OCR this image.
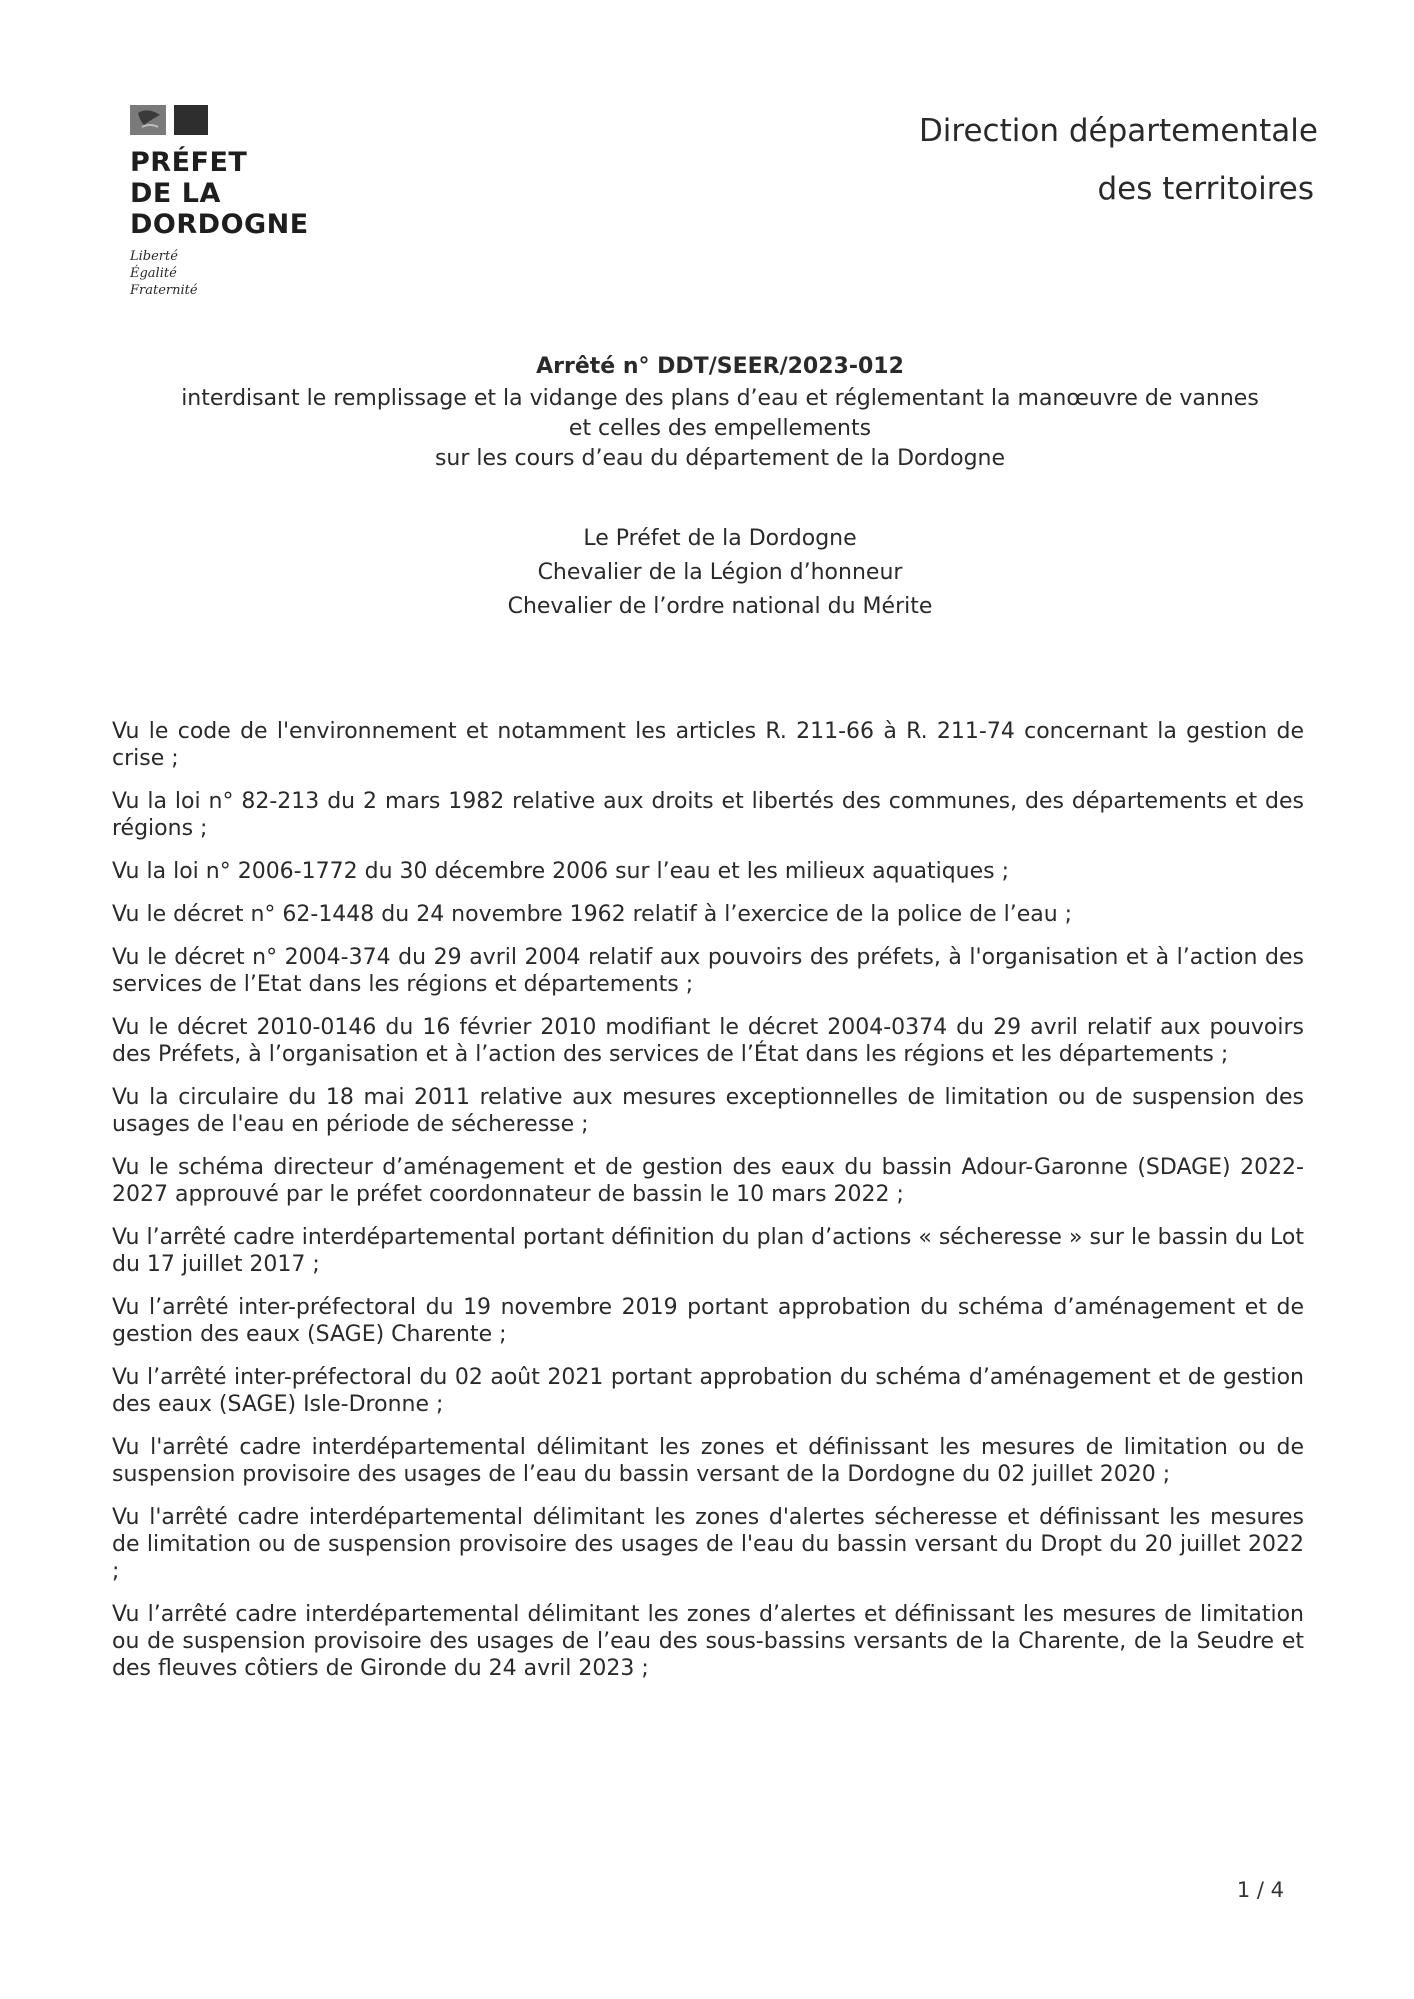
PRÉFET
DE LA
DORDOGNE
Liberté
Égalité
Fraternité
Direction départementale
des territoires
Arrêté n° DDT/SEER/2023-012
interdisant le remplissage et la vidange des plans d’eau et réglementant la manœuvre de vannes
et celles des empellements
sur les cours d’eau du département de la Dordogne
Le Préfet de la Dordogne
Chevalier de la Légion d’honneur
Chevalier de l’ordre national du Mérite

Vu le code de l'environnement et notamment les articles R. 211-66 à R. 211-74 concernant la gestion de crise ;

Vu la loi n° 82-213 du 2 mars 1982 relative aux droits et libertés des communes, des départements et des régions ;

Vu la loi n° 2006-1772 du 30 décembre 2006 sur l’eau et les milieux aquatiques ;

Vu le décret n° 62-1448 du 24 novembre 1962 relatif à l’exercice de la police de l’eau ;

Vu le décret n° 2004-374 du 29 avril 2004 relatif aux pouvoirs des préfets, à l'organisation et à l’action des services de l’Etat dans les régions et départements ;

Vu le décret 2010-0146 du 16 février 2010 modifiant le décret 2004-0374 du 29 avril relatif aux pouvoirs des Préfets, à l’organisation et à l’action des services de l’État dans les régions et les départements ;

Vu la circulaire du 18 mai 2011 relative aux mesures exceptionnelles de limitation ou de suspension des usages de l'eau en période de sécheresse ;

Vu le schéma directeur d’aménagement et de gestion des eaux du bassin Adour-Garonne (SDAGE) 2022-2027 approuvé par le préfet coordonnateur de bassin le 10 mars 2022 ;

Vu l’arrêté cadre interdépartemental portant définition du plan d’actions « sécheresse » sur le bassin du Lot du 17 juillet 2017 ;

Vu l’arrêté inter-préfectoral du 19 novembre 2019 portant approbation du schéma d’aménagement et de gestion des eaux (SAGE) Charente ;

Vu l’arrêté inter-préfectoral du 02 août 2021 portant approbation du schéma d’aménagement et de gestion des eaux (SAGE) Isle-Dronne ;

Vu l'arrêté cadre interdépartemental délimitant les zones et définissant les mesures de limitation ou de suspension provisoire des usages de l’eau du bassin versant de la Dordogne du 02 juillet 2020 ;

Vu l'arrêté cadre interdépartemental délimitant les zones d'alertes sécheresse et définissant les mesures de limitation ou de suspension provisoire des usages de l'eau du bassin versant du Dropt du 20 juillet 2022 ;

Vu l’arrêté cadre interdépartemental délimitant les zones d’alertes et définissant les mesures de limitation ou de suspension provisoire des usages de l’eau des sous-bassins versants de la Charente, de la Seudre et des fleuves côtiers de Gironde du 24 avril 2023 ;

1 / 4
